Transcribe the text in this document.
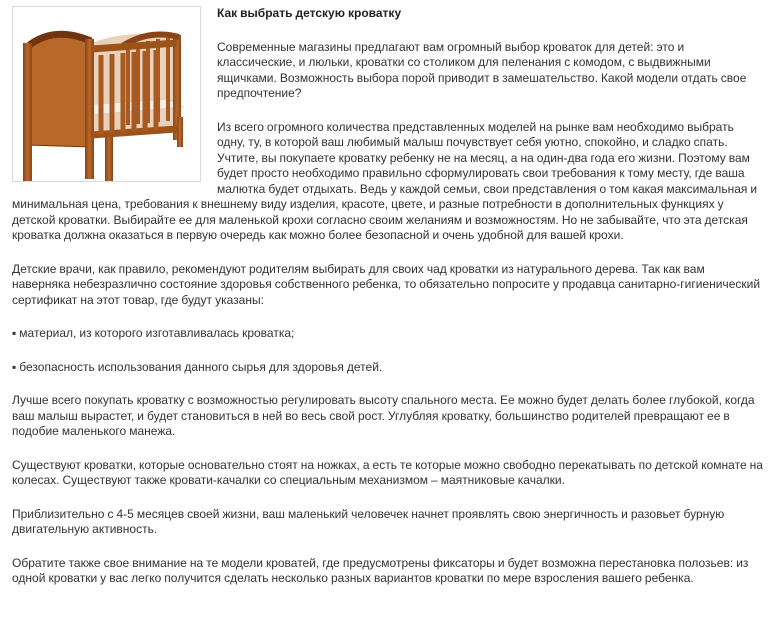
Как выбрать детскую кроватку

Современные магазины предлагают вам огромный выбор кроваток для детей: это и классические, и люльки, кроватки со столиком для пеленания с комодом, с выдвижными ящичками. Возможность выбора порой приводит в замешательство. Какой модели отдать свое предпочтение?

Из всего огромного количества представленных моделей на рынке вам необходимо выбрать одну, ту, в которой ваш любимый малыш почувствует себя уютно, спокойно, и сладко спать. Учтите, вы покупаете кроватку ребенку не на месяц, а на один-два года его жизни. Поэтому вам будет просто необходимо правильно сформулировать свои требования к тому месту, где ваша малютка будет отдыхать. Ведь у каждой семьи, свои представления о том какая максимальная и минимальная цена, требования к внешнему виду изделия, красоте, цвете, и разные потребности в дополнительных функциях у детской кроватки. Выбирайте ее для маленькой крохи согласно своим желаниям и возможностям. Но не забывайте, что эта детская кроватка должна оказаться в первую очередь как можно более безопасной и очень удобной для вашей крохи.

Детские врачи, как правило, рекомендуют родителям выбирать для своих чад кроватки из натурального дерева. Так как вам наверняка небезразлично состояние здоровья собственного ребенка, то обязательно попросите у продавца санитарно-гигиенический сертификат на этот товар, где будут указаны:

▪ материал, из которого изготавливалась кроватка;

▪ безопасность использования данного сырья для здоровья детей.

Лучше всего покупать кроватку с возможностью регулировать высоту спального места. Ее можно будет делать более глубокой, когда ваш малыш вырастет, и будет становиться в ней во весь свой рост. Углубляя кроватку, большинство родителей превращают ее в подобие маленького манежа.

Существуют кроватки, которые основательно стоят на ножках, а есть те которые можно свободно перекатывать по детской комнате на колесах. Существуют также кровати-качалки со специальным механизмом – маятниковые качалки.

Приблизительно с 4-5 месяцев своей жизни, ваш маленький человечек начнет проявлять свою энергичность и разовьет бурную двигательную активность.

Обратите также свое внимание на те модели кроватей, где предусмотрены фиксаторы и будет возможна перестановка полозьев: из одной кроватки у вас легко получится сделать несколько разных вариантов кроватки по мере взросления вашего ребенка.
